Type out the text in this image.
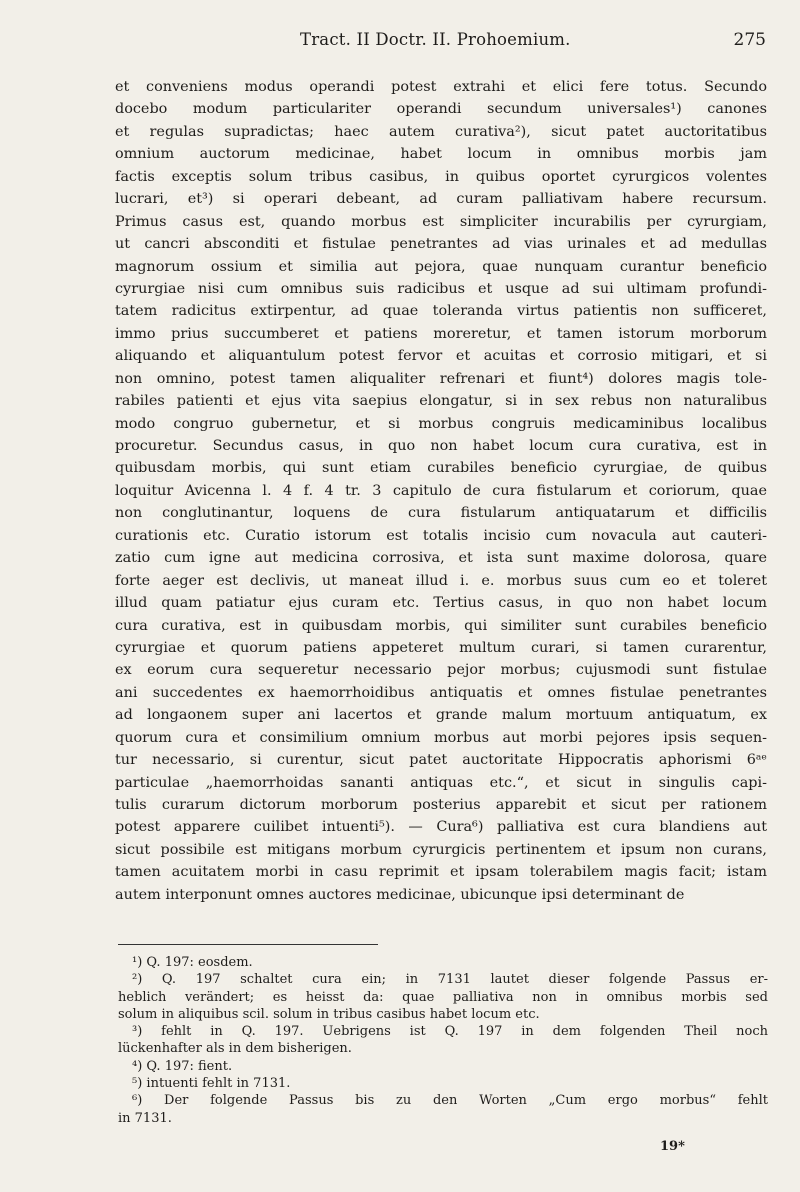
Tract. II Doctr. II. Prohoemium.	275
et conveniens modus operandi potest extrahi et elici fere totus. Secundo
docebo modum particulariter operandi secundum universales¹) canones
et regulas supradictas; haec autem curativa²), sicut patet auctoritatibus
omnium auctorum medicinae, habet locum in omnibus morbis jam
factis exceptis solum tribus casibus, in quibus oportet cyrurgicos volentes
lucrari, et³) si operari debeant, ad curam palliativam habere recursum.
Primus casus est, quando morbus est simpliciter incurabilis per cyrurgiam,
ut cancri absconditi et fistulae penetrantes ad vias urinales et ad medullas
magnorum ossium et similia aut pejora, quae nunquam curantur beneficio
cyrurgiae nisi cum omnibus suis radicibus et usque ad sui ultimam profundi-
tatem radicitus extirpentur, ad quae toleranda virtus patientis non sufficeret,
immo prius succumberet et patiens moreretur, et tamen istorum morborum
aliquando et aliquantulum potest fervor et acuitas et corrosio mitigari, et si
non omnino, potest tamen aliqualiter refrenari et fiunt⁴) dolores magis tole-
rabiles patienti et ejus vita saepius elongatur, si in sex rebus non naturalibus
modo congruo gubernetur, et si morbus congruis medicaminibus localibus
procuretur. Secundus casus, in quo non habet locum cura curativa, est in
quibusdam morbis, qui sunt etiam curabiles beneficio cyrurgiae, de quibus
loquitur Avicenna l. 4 f. 4 tr. 3 capitulo de cura fistularum et coriorum, quae
non conglutinantur, loquens de cura fistularum antiquatarum et difficilis
curationis etc. Curatio istorum est totalis incisio cum novacula aut cauteri-
zatio cum igne aut medicina corrosiva, et ista sunt maxime dolorosa, quare
forte aeger est declivis, ut maneat illud i. e. morbus suus cum eo et toleret
illud quam patiatur ejus curam etc. Tertius casus, in quo non habet locum
cura curativa, est in quibusdam morbis, qui similiter sunt curabiles beneficio
cyrurgiae et quorum patiens appeteret multum curari, si tamen curarentur,
ex eorum cura sequeretur necessario pejor morbus; cujusmodi sunt fistulae
ani succedentes ex haemorrhoidibus antiquatis et omnes fistulae penetrantes
ad longaonem super ani lacertos et grande malum mortuum antiquatum, ex
quorum cura et consimilium omnium morbus aut morbi pejores ipsis sequen-
tur necessario, si curentur, sicut patet auctoritate Hippocratis aphorismi 6ᵃᵉ
particulae „haemorrhoidas sananti antiquas etc.“, et sicut in singulis capi-
tulis curarum dictorum morborum posterius apparebit et sicut per rationem
potest apparere cuilibet intuenti⁵). — Cura⁶) palliativa est cura blandiens aut
sicut possibile est mitigans morbum cyrurgicis pertinentem et ipsum non curans,
tamen acuitatem morbi in casu reprimit et ipsam tolerabilem magis facit; istam
autem interponunt omnes auctores medicinae, ubicunque ipsi determinant de
¹) Q. 197: eosdem.
²) Q. 197 schaltet cura ein; in 7131 lautet dieser folgende Passus er-
heblich verändert; es heisst da: quae palliativa non in omnibus morbis sed
solum in aliquibus scil. solum in tribus casibus habet locum etc.
³) fehlt in Q. 197. Uebrigens ist Q. 197 in dem folgenden Theil noch
lückenhafter als in dem bisherigen.
⁴) Q. 197: fient.
⁵) intuenti fehlt in 7131.
⁶) Der folgende Passus bis zu den Worten „Cum ergo morbus“ fehlt
in 7131.
19*
